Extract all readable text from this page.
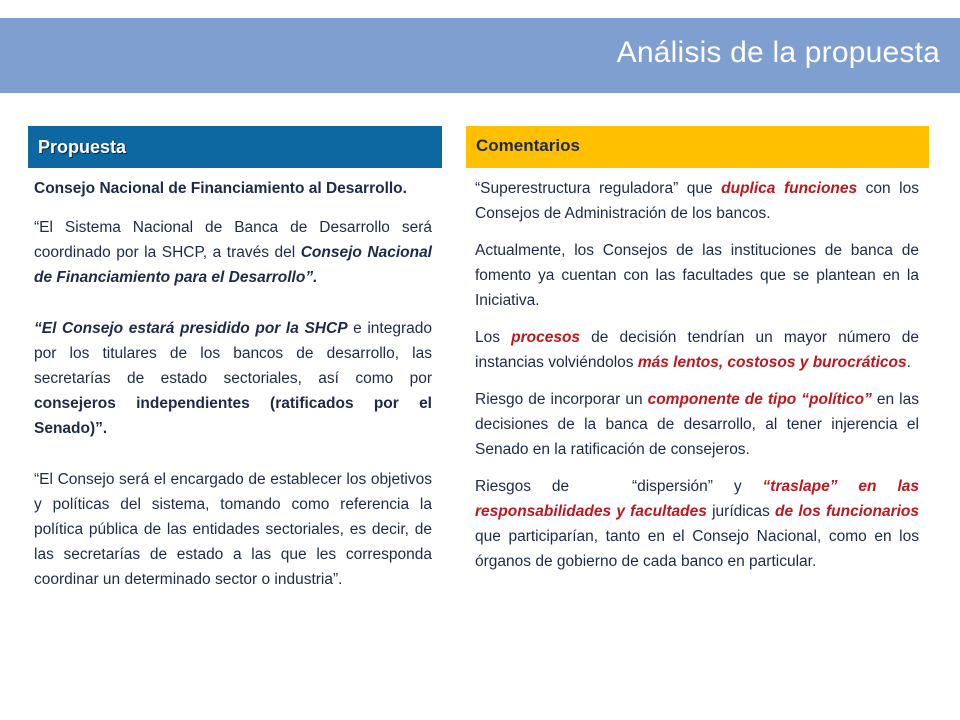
Análisis de la propuesta
Propuesta	Comentarios

Consejo Nacional de Financiamiento al Desarrollo.

“El Sistema Nacional de Banca de Desarrollo será coordinado por la SHCP, a través del Consejo Nacional de Financiamiento para el Desarrollo”.

“El Consejo estará presidido por la SHCP e integrado por los titulares de los bancos de desarrollo, las secretarías de estado sectoriales, así como por consejeros independientes (ratificados por el Senado)”.

“El Consejo será el encargado de establecer los objetivos y políticas del sistema, tomando como referencia la política pública de las entidades sectoriales, es decir, de las secretarías de estado a las que les corresponda coordinar un determinado sector o industria”.

“Superestructura reguladora” que duplica funciones con los Consejos de Administración de los bancos.

Actualmente, los Consejos de las instituciones de banca de fomento ya cuentan con las facultades que se plantean en la Iniciativa.

Los procesos de decisión tendrían un mayor número de instancias volviéndolos más lentos, costosos y burocráticos.

Riesgo de incorporar un componente de tipo “político” en las decisiones de la banca de desarrollo, al tener injerencia el Senado en la ratificación de consejeros.

Riesgos de   “dispersión” y “traslape” en las responsabilidades y facultades jurídicas de los funcionarios que participarían, tanto en el Consejo Nacional, como en los órganos de gobierno de cada banco en particular.
